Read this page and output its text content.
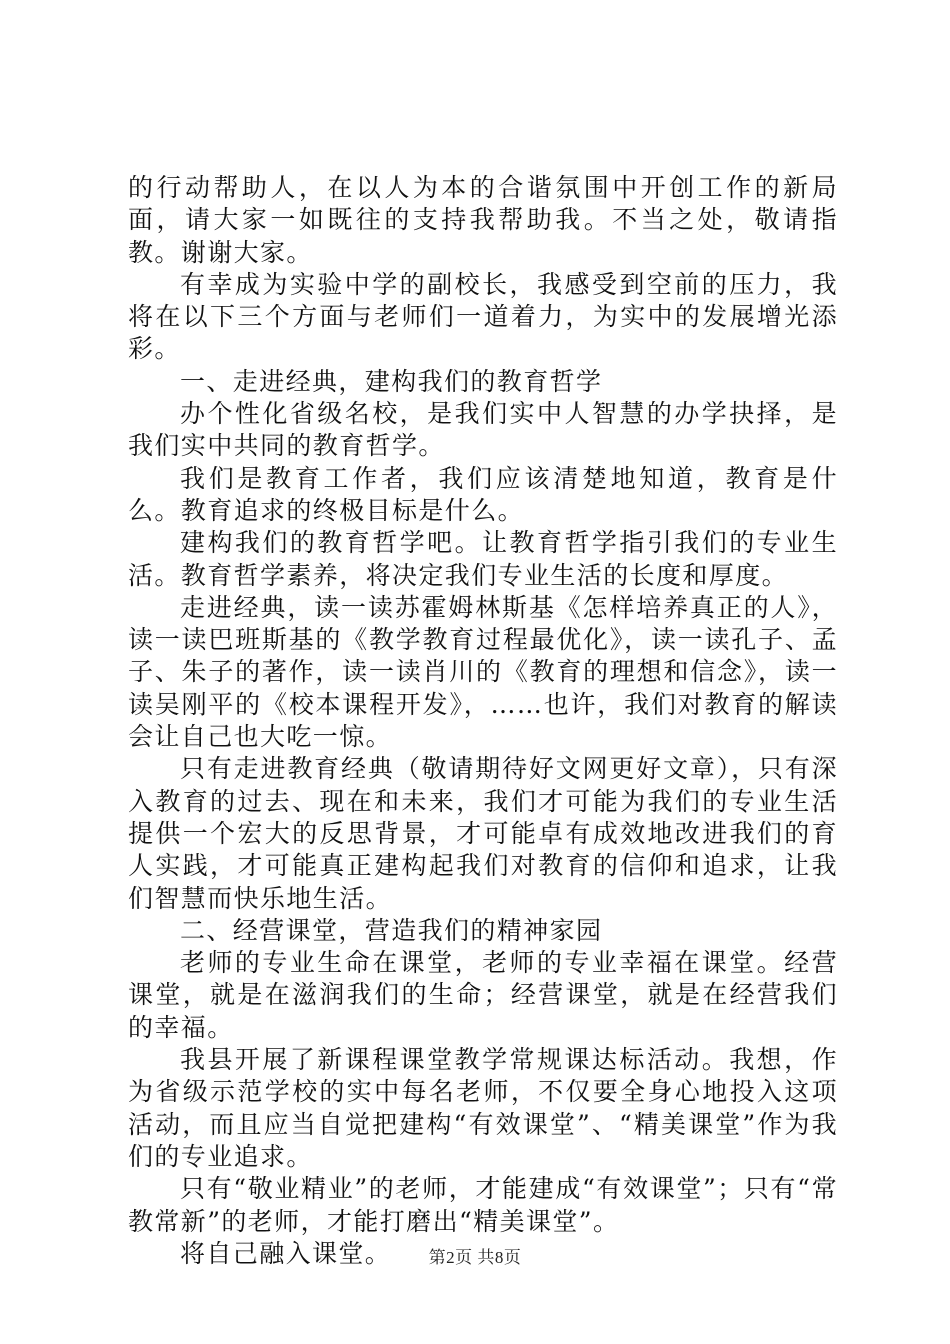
的行动帮助人，在以人为本的合谐氛围中开创工作的新局面，请大家一如既往的支持我帮助我。不当之处，敬请指教。谢谢大家。

有幸成为实验中学的副校长，我感受到空前的压力，我将在以下三个方面与老师们一道着力，为实中的发展增光添彩。

一、走进经典，建构我们的教育哲学

办个性化省级名校，是我们实中人智慧的办学抉择，是我们实中共同的教育哲学。

我们是教育工作者，我们应该清楚地知道，教育是什么。教育追求的终极目标是什么。

建构我们的教育哲学吧。让教育哲学指引我们的专业生活。教育哲学素养，将决定我们专业生活的长度和厚度。

走进经典，读一读苏霍姆林斯基《怎样培养真正的人》，读一读巴班斯基的《教学教育过程最优化》，读一读孔子、孟子、朱子的著作，读一读肖川的《教育的理想和信念》，读一读吴刚平的《校本课程开发》，……也许，我们对教育的解读会让自己也大吃一惊。

只有走进教育经典（敬请期待好文网更好文章），只有深入教育的过去、现在和未来，我们才可能为我们的专业生活提供一个宏大的反思背景，才可能卓有成效地改进我们的育人实践，才可能真正建构起我们对教育的信仰和追求，让我们智慧而快乐地生活。

二、经营课堂，营造我们的精神家园

老师的专业生命在课堂，老师的专业幸福在课堂。经营课堂，就是在滋润我们的生命；经营课堂，就是在经营我们的幸福。

我县开展了新课程课堂教学常规课达标活动。我想，作为省级示范学校的实中每名老师，不仅要全身心地投入这项活动，而且应当自觉把建构“有效课堂”、“精美课堂”作为我们的专业追求。

只有“敬业精业”的老师，才能建成“有效课堂”；只有“常教常新”的老师，才能打磨出“精美课堂”。

将自己融入课堂。	第2页 共8页
